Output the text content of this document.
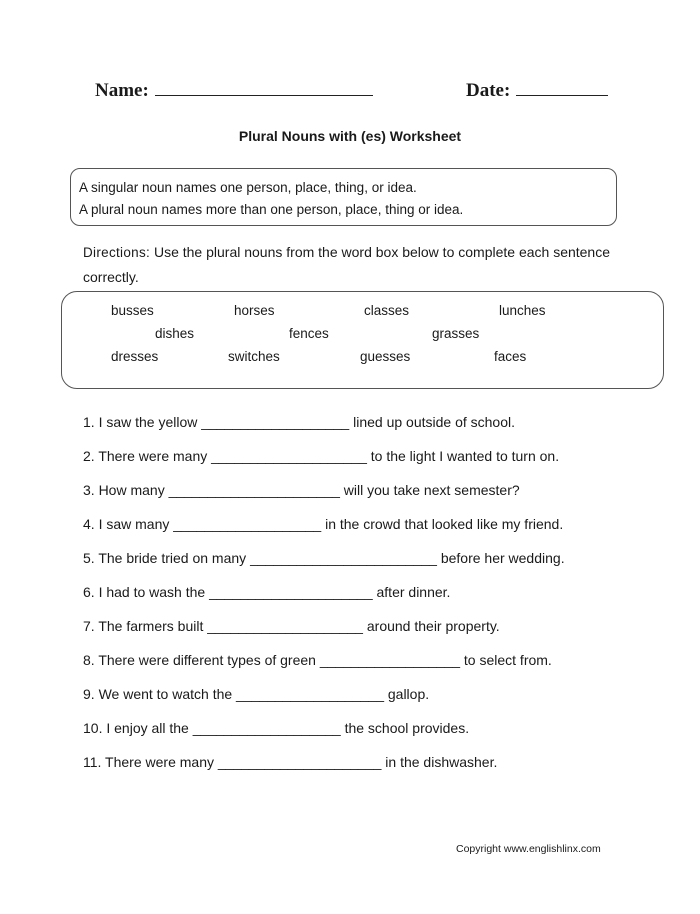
Name:	Date:
Plural Nouns with (es) Worksheet
A singular noun names one person, place, thing, or idea.
A plural noun names more than one person, place, thing or idea.
Directions: Use the plural nouns from the word box below to complete each sentence correctly.
busses	horses	classes	lunches
dishes	fences	grasses
dresses	switches	guesses	faces
1. I saw the yellow ___________________ lined up outside of school.
2. There were many ____________________ to the light I wanted to turn on.
3. How many ______________________ will you take next semester?
4. I saw many ___________________ in the crowd that looked like my friend.
5. The bride tried on many ________________________ before her wedding.
6. I had to wash the _____________________ after dinner.
7. The farmers built ____________________ around their property.
8. There were different types of green __________________ to select from.
9. We went to watch the ___________________ gallop.
10. I enjoy all the ___________________ the school provides.
11. There were many _____________________ in the dishwasher.
Copyright www.englishlinx.com
